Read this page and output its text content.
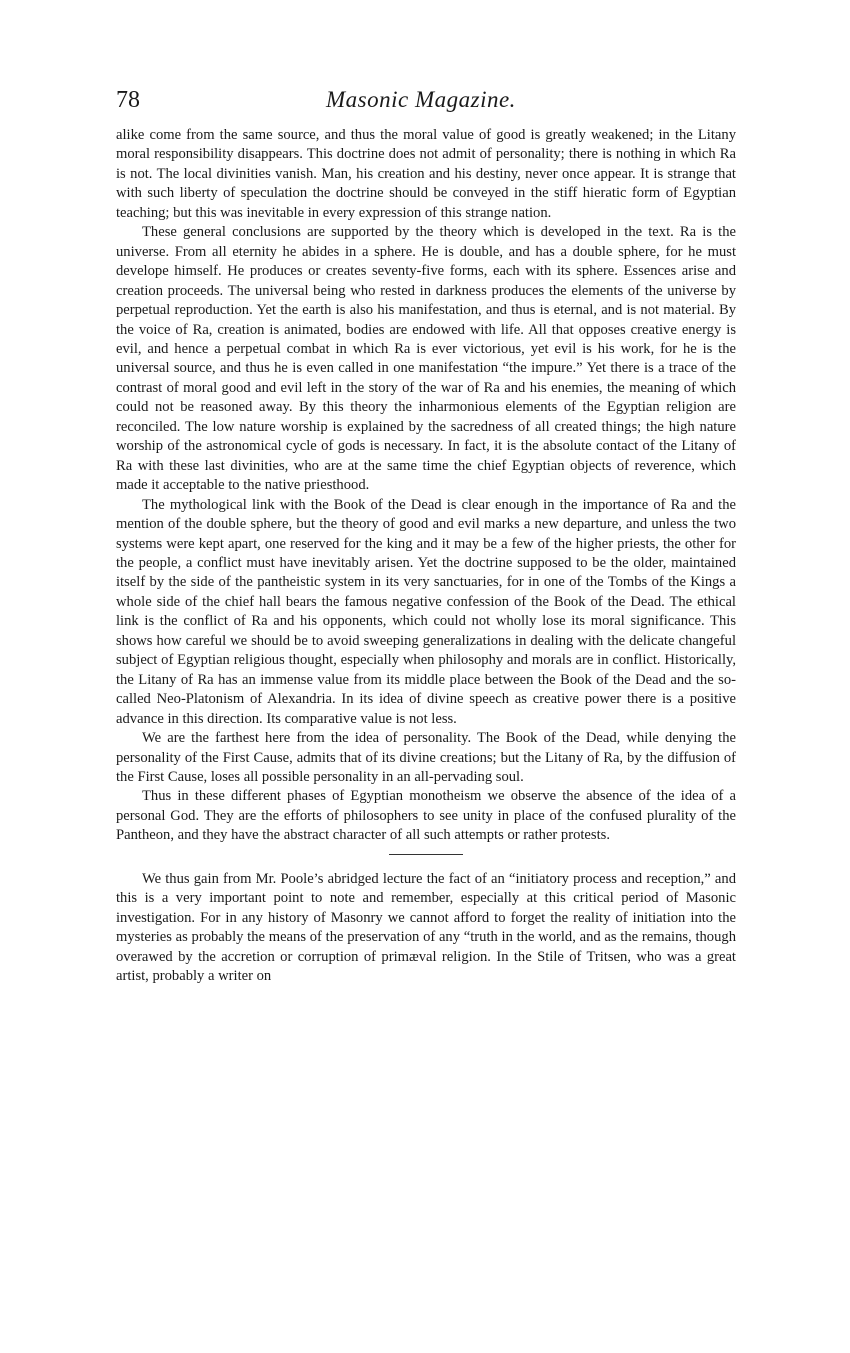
78	Masonic Magazine.

alike come from the same source, and thus the moral value of good is greatly weakened; in the Litany moral responsibility disappears. This doctrine does not admit of personality; there is nothing in which Ra is not. The local divinities vanish. Man, his creation and his destiny, never once appear. It is strange that with such liberty of speculation the doctrine should be conveyed in the stiff hieratic form of Egyptian teaching; but this was inevitable in every expression of this strange nation.

These general conclusions are supported by the theory which is developed in the text. Ra is the universe. From all eternity he abides in a sphere. He is double, and has a double sphere, for he must develope himself. He produces or creates seventy-five forms, each with its sphere. Essences arise and creation proceeds. The universal being who rested in darkness produces the elements of the universe by perpetual reproduction. Yet the earth is also his manifestation, and thus is eternal, and is not material. By the voice of Ra, creation is animated, bodies are endowed with life. All that opposes creative energy is evil, and hence a perpetual combat in which Ra is ever victorious, yet evil is his work, for he is the universal source, and thus he is even called in one manifestation “the impure.” Yet there is a trace of the contrast of moral good and evil left in the story of the war of Ra and his enemies, the meaning of which could not be reasoned away. By this theory the inharmonious elements of the Egyptian religion are reconciled. The low nature worship is explained by the sacredness of all created things; the high nature worship of the astronomical cycle of gods is necessary. In fact, it is the absolute contact of the Litany of Ra with these last divinities, who are at the same time the chief Egyptian objects of reverence, which made it acceptable to the native priesthood.

The mythological link with the Book of the Dead is clear enough in the importance of Ra and the mention of the double sphere, but the theory of good and evil marks a new departure, and unless the two systems were kept apart, one reserved for the king and it may be a few of the higher priests, the other for the people, a conflict must have inevitably arisen. Yet the doctrine supposed to be the older, maintained itself by the side of the pantheistic system in its very sanctuaries, for in one of the Tombs of the Kings a whole side of the chief hall bears the famous negative confession of the Book of the Dead. The ethical link is the conflict of Ra and his opponents, which could not wholly lose its moral significance. This shows how careful we should be to avoid sweeping generalizations in dealing with the delicate changeful subject of Egyptian religious thought, especially when philosophy and morals are in conflict. Historically, the Litany of Ra has an immense value from its middle place between the Book of the Dead and the so-called Neo-Platonism of Alexandria. In its idea of divine speech as creative power there is a positive advance in this direction. Its comparative value is not less.

We are the farthest here from the idea of personality. The Book of the Dead, while denying the personality of the First Cause, admits that of its divine creations; but the Litany of Ra, by the diffusion of the First Cause, loses all possible personality in an all-pervading soul.

Thus in these different phases of Egyptian monotheism we observe the absence of the idea of a personal God. They are the efforts of philosophers to see unity in place of the confused plurality of the Pantheon, and they have the abstract character of all such attempts or rather protests.

We thus gain from Mr. Poole’s abridged lecture the fact of an “initiatory process and reception,” and this is a very important point to note and remember, especially at this critical period of Masonic investigation. For in any history of Masonry we cannot afford to forget the reality of initiation into the mysteries as probably the means of the preservation of any “truth in the world, and as the remains, though overawed by the accretion or corruption of primæval religion. In the Stile of Tritsen, who was a great artist, probably a writer on
